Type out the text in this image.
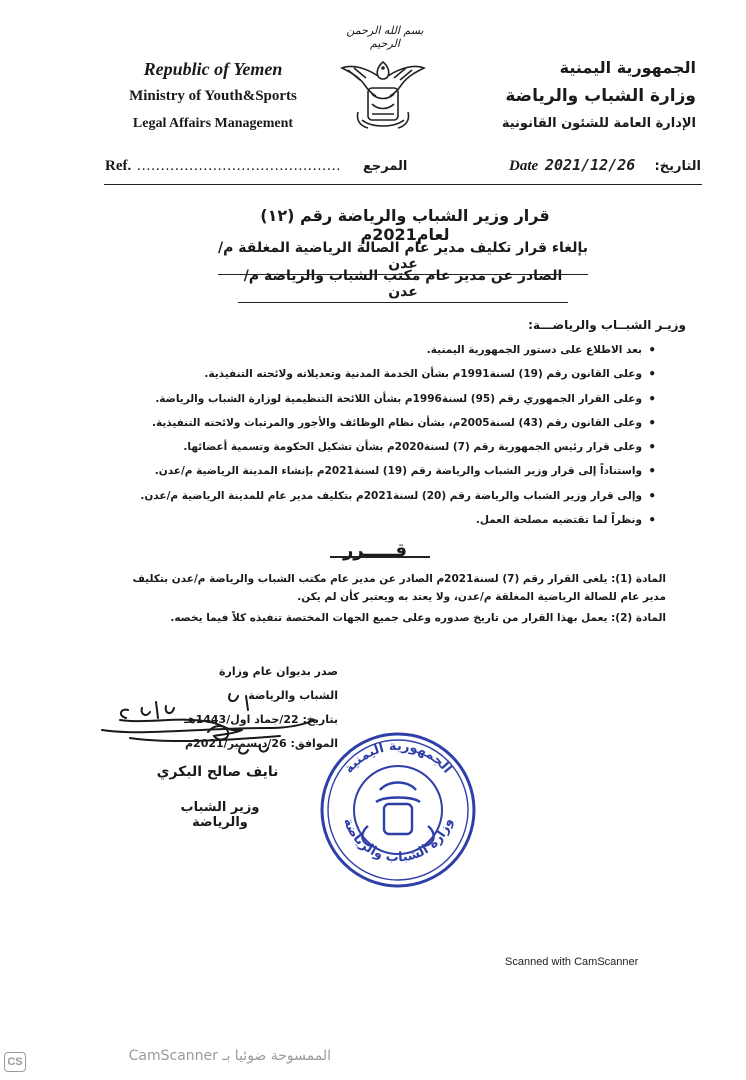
بسم الله الرحمن الرحيم
Republic of Yemen
Ministry of Youth&Sports
Legal Affairs Management
الجمهورية اليمنية
وزارة الشباب والرياضة
الإدارة العامة للشئون القانونية
Ref. ........................................... المرجع	Date 2021/12/26 التاريخ:
قرار وزير الشباب والرياضة رقم (١٢) لعام2021م
بإلغاء قرار تكليف مدير عام الصالة الرياضية المغلقة م/عدن
الصادر عن مدير عام مكتب الشباب والرياضة م/عدن
وزيـر الشبــاب والرياضـــة:
• بعد الاطلاع على دستور الجمهورية اليمنية.
• وعلى القانون رقم (19) لسنة1991م بشأن الخدمة المدنية وتعديلاته ولائحته التنفيذية.
• وعلى القرار الجمهوري رقم (95) لسنة1996م بشأن اللائحة التنظيمية لوزارة الشباب والرياضة.
• وعلى القانون رقم (43) لسنة2005م، بشأن نظام الوظائف والأجور والمرتبات ولائحته التنفيذية.
• وعلى قرار رئيس الجمهورية رقم (7) لسنة2020م بشأن تشكيل الحكومة وتسمية أعضائها.
• واستناداً إلى قرار وزير الشباب والرياضة رقم (19) لسنة2021م بإنشاء المدينة الرياضية م/عدن.
• وإلى قرار وزير الشباب والرياضة رقم (20) لسنة2021م بتكليف مدير عام للمدينة الرياضية م/عدن.
• ونظراً لما تقتضيه مصلحة العمل.
قـــــرر

المادة (1): يلغى القرار رقم (7) لسنة2021م الصادر عن مدير عام مكتب الشباب والرياضة م/عدن بتكليف

مدير عام للصالة الرياضية المغلقة م/عدن، ولا يعتد به ويعتبر كأن لم يكن.

المادة (2): يعمل بهذا القرار من تاريخ صدوره وعلى جميع الجهات المختصة تنفيذه كلاً فيما يخصه.

صدر بديوان عام وزارة الشباب والرياضة
بتاريخ: 22/جماد اول/1443هـ
الموافق: 26/ديسمبر/2021م
نايف صالح البكري
وزير الشباب والرياضة
الجمهورية اليمنية
وزارة الشباب والرياضة
Scanned with CamScanner
CS	الممسوحة ضوئيا بـ CamScanner
